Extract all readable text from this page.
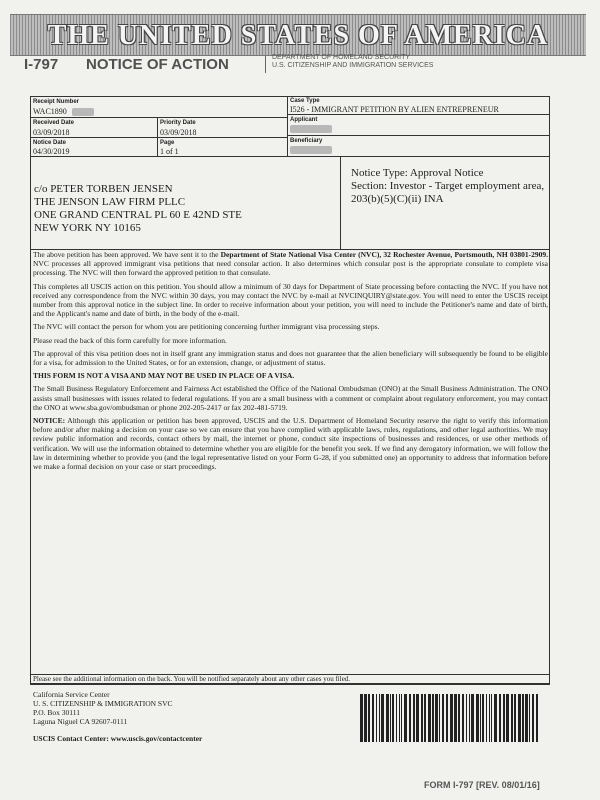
THE UNITED STATES OF AMERICA
I-797 NOTICE OF ACTION	DEPARTMENT OF HOMELAND SECURITY
U.S. CITIZENSHIP AND IMMIGRATION SERVICES
Receipt Number
WAC1890
Case Type
I526 - IMMIGRANT PETITION BY ALIEN ENTREPRENEUR
Received Date
03/09/2018
Priority Date
03/09/2018
Applicant
Notice Date
04/30/2019
Page
1 of 1
Beneficiary
c/o PETER TORBEN JENSEN
THE JENSON LAW FIRM PLLC
ONE GRAND CENTRAL PL 60 E 42ND STE
NEW YORK NY 10165
Notice Type: Approval Notice
Section: Investor - Target employment area, 203(b)(5)(C)(ii) INA

The above petition has been approved. We have sent it to the Department of State National Visa Center (NVC), 32 Rochester Avenue, Portsmouth, NH 03801-2909. NVC processes all approved immigrant visa petitions that need consular action. It also determines which consular post is the appropriate consulate to complete visa processing. The NVC will then forward the approved petition to that consulate.

This completes all USCIS action on this petition. You should allow a minimum of 30 days for Department of State processing before contacting the NVC. If you have not received any correspondence from the NVC within 30 days, you may contact the NVC by e-mail at NVCINQUIRY@state.gov. You will need to enter the USCIS receipt number from this approval notice in the subject line. In order to receive information about your petition, you will need to include the Petitioner's name and date of birth, and the Applicant's name and date of birth, in the body of the e-mail.

The NVC will contact the person for whom you are petitioning concerning further immigrant visa processing steps.

Please read the back of this form carefully for more information.

The approval of this visa petition does not in itself grant any immigration status and does not guarantee that the alien beneficiary will subsequently be found to be eligible for a visa, for admission to the United States, or for an extension, change, or adjustment of status.

THIS FORM IS NOT A VISA AND MAY NOT BE USED IN PLACE OF A VISA.

The Small Business Regulatory Enforcement and Fairness Act established the Office of the National Ombudsman (ONO) at the Small Business Administration. The ONO assists small businesses with issues related to federal regulations. If you are a small business with a comment or complaint about regulatory enforcement, you may contact the ONO at www.sba.gov/ombudsman or phone 202-205-2417 or fax 202-481-5719.

NOTICE: Although this application or petition has been approved, USCIS and the U.S. Department of Homeland Security reserve the right to verify this information before and/or after making a decision on your case so we can ensure that you have complied with applicable laws, rules, regulations, and other legal authorities. We may review public information and records, contact others by mail, the internet or phone, conduct site inspections of businesses and residences, or use other methods of verification. We will use the information obtained to determine whether you are eligible for the benefit you seek. If we find any derogatory information, we will follow the law in determining whether to provide you (and the legal representative listed on your Form G-28, if you submitted one) an opportunity to address that information before we make a formal decision on your case or start proceedings.

Please see the additional information on the back. You will be notified separately about any other cases you filed.
California Service Center
U. S. CITIZENSHIP & IMMIGRATION SVC
P.O. Box 30111
Laguna Niguel CA 92607-0111
USCIS Contact Center: www.uscis.gov/contactcenter
FORM I-797 [REV. 08/01/16]
